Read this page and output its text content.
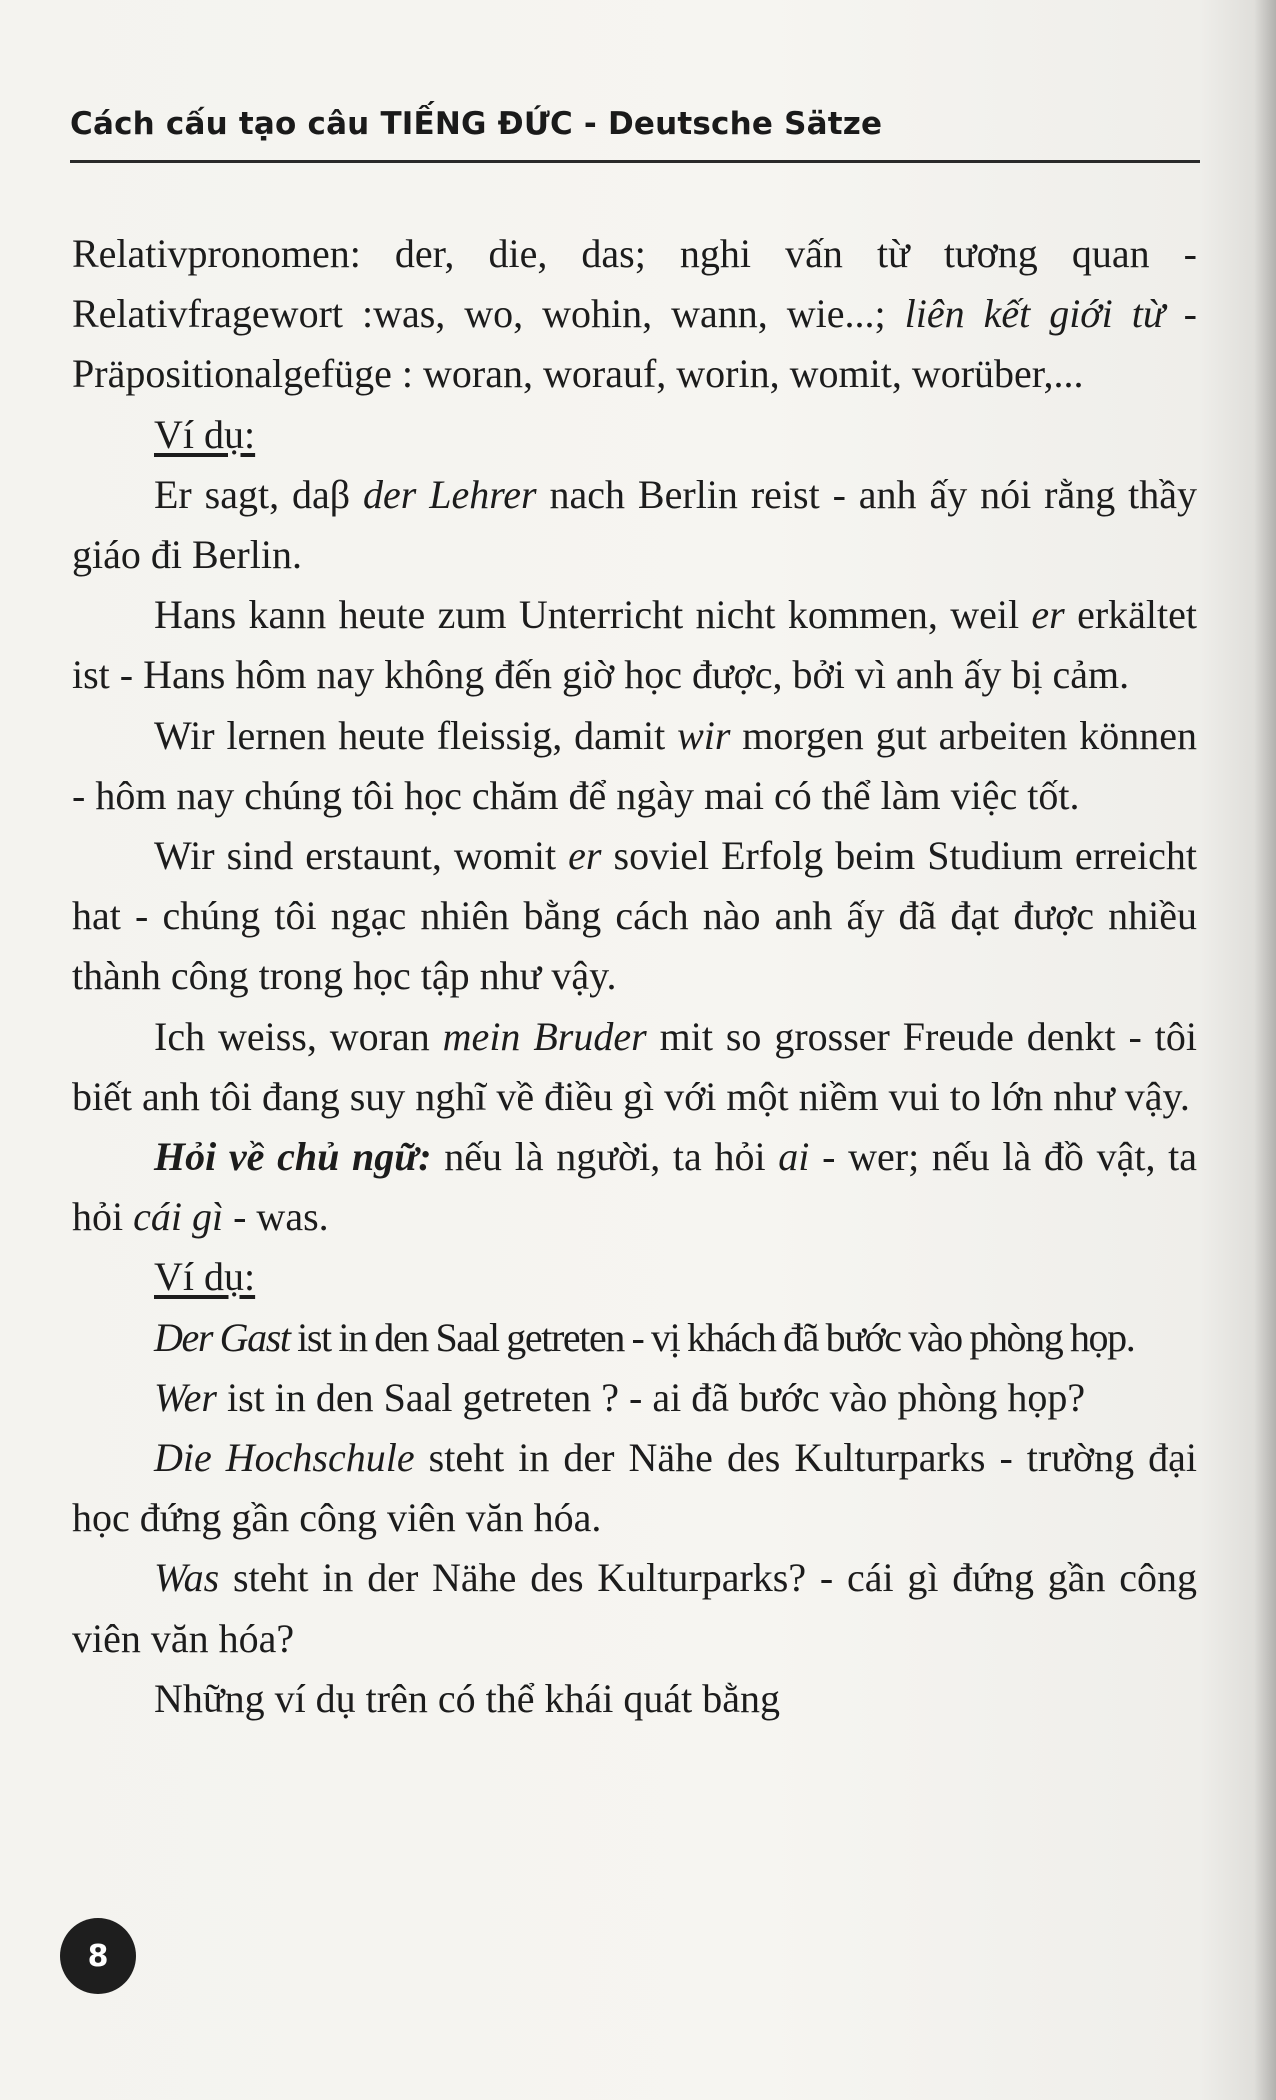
Cách cấu tạo câu TIẾNG ĐỨC - Deutsche Sätze

Relativpronomen: der, die, das; nghi vấn từ tương quan - Relativfragewort :was, wo, wohin, wann, wie...; liên kết giới từ - Präpositionalgefüge : woran, worauf, worin, womit, worüber,...

Ví dụ:

Er sagt, daβ der Lehrer nach Berlin reist - anh ấy nói rằng thầy giáo đi Berlin.

Hans kann heute zum Unterricht nicht kommen, weil er erkältet ist - Hans hôm nay không đến giờ học được, bởi vì anh ấy bị cảm.

Wir lernen heute fleissig, damit wir morgen gut arbeiten können - hôm nay chúng tôi học chăm để ngày mai có thể làm việc tốt.

Wir sind erstaunt, womit er soviel Erfolg beim Studium erreicht hat - chúng tôi ngạc nhiên bằng cách nào anh ấy đã đạt được nhiều thành công trong học tập như vậy.

Ich weiss, woran mein Bruder mit so grosser Freude denkt - tôi biết anh tôi đang suy nghĩ về điều gì với một niềm vui to lớn như vậy.

Hỏi về chủ ngữ: nếu là người, ta hỏi ai - wer; nếu là đồ vật, ta hỏi cái gì - was.

Ví dụ:

Der Gast ist in den Saal getreten - vị khách đã bước vào phòng họp.

Wer ist in den Saal getreten ? - ai đã bước vào phòng họp?

Die Hochschule steht in der Nähe des Kulturparks - trường đại học đứng gần công viên văn hóa.

Was steht in der Nähe des Kulturparks? - cái gì đứng gần công viên văn hóa?

Những ví dụ trên có thể khái quát bằng

8
